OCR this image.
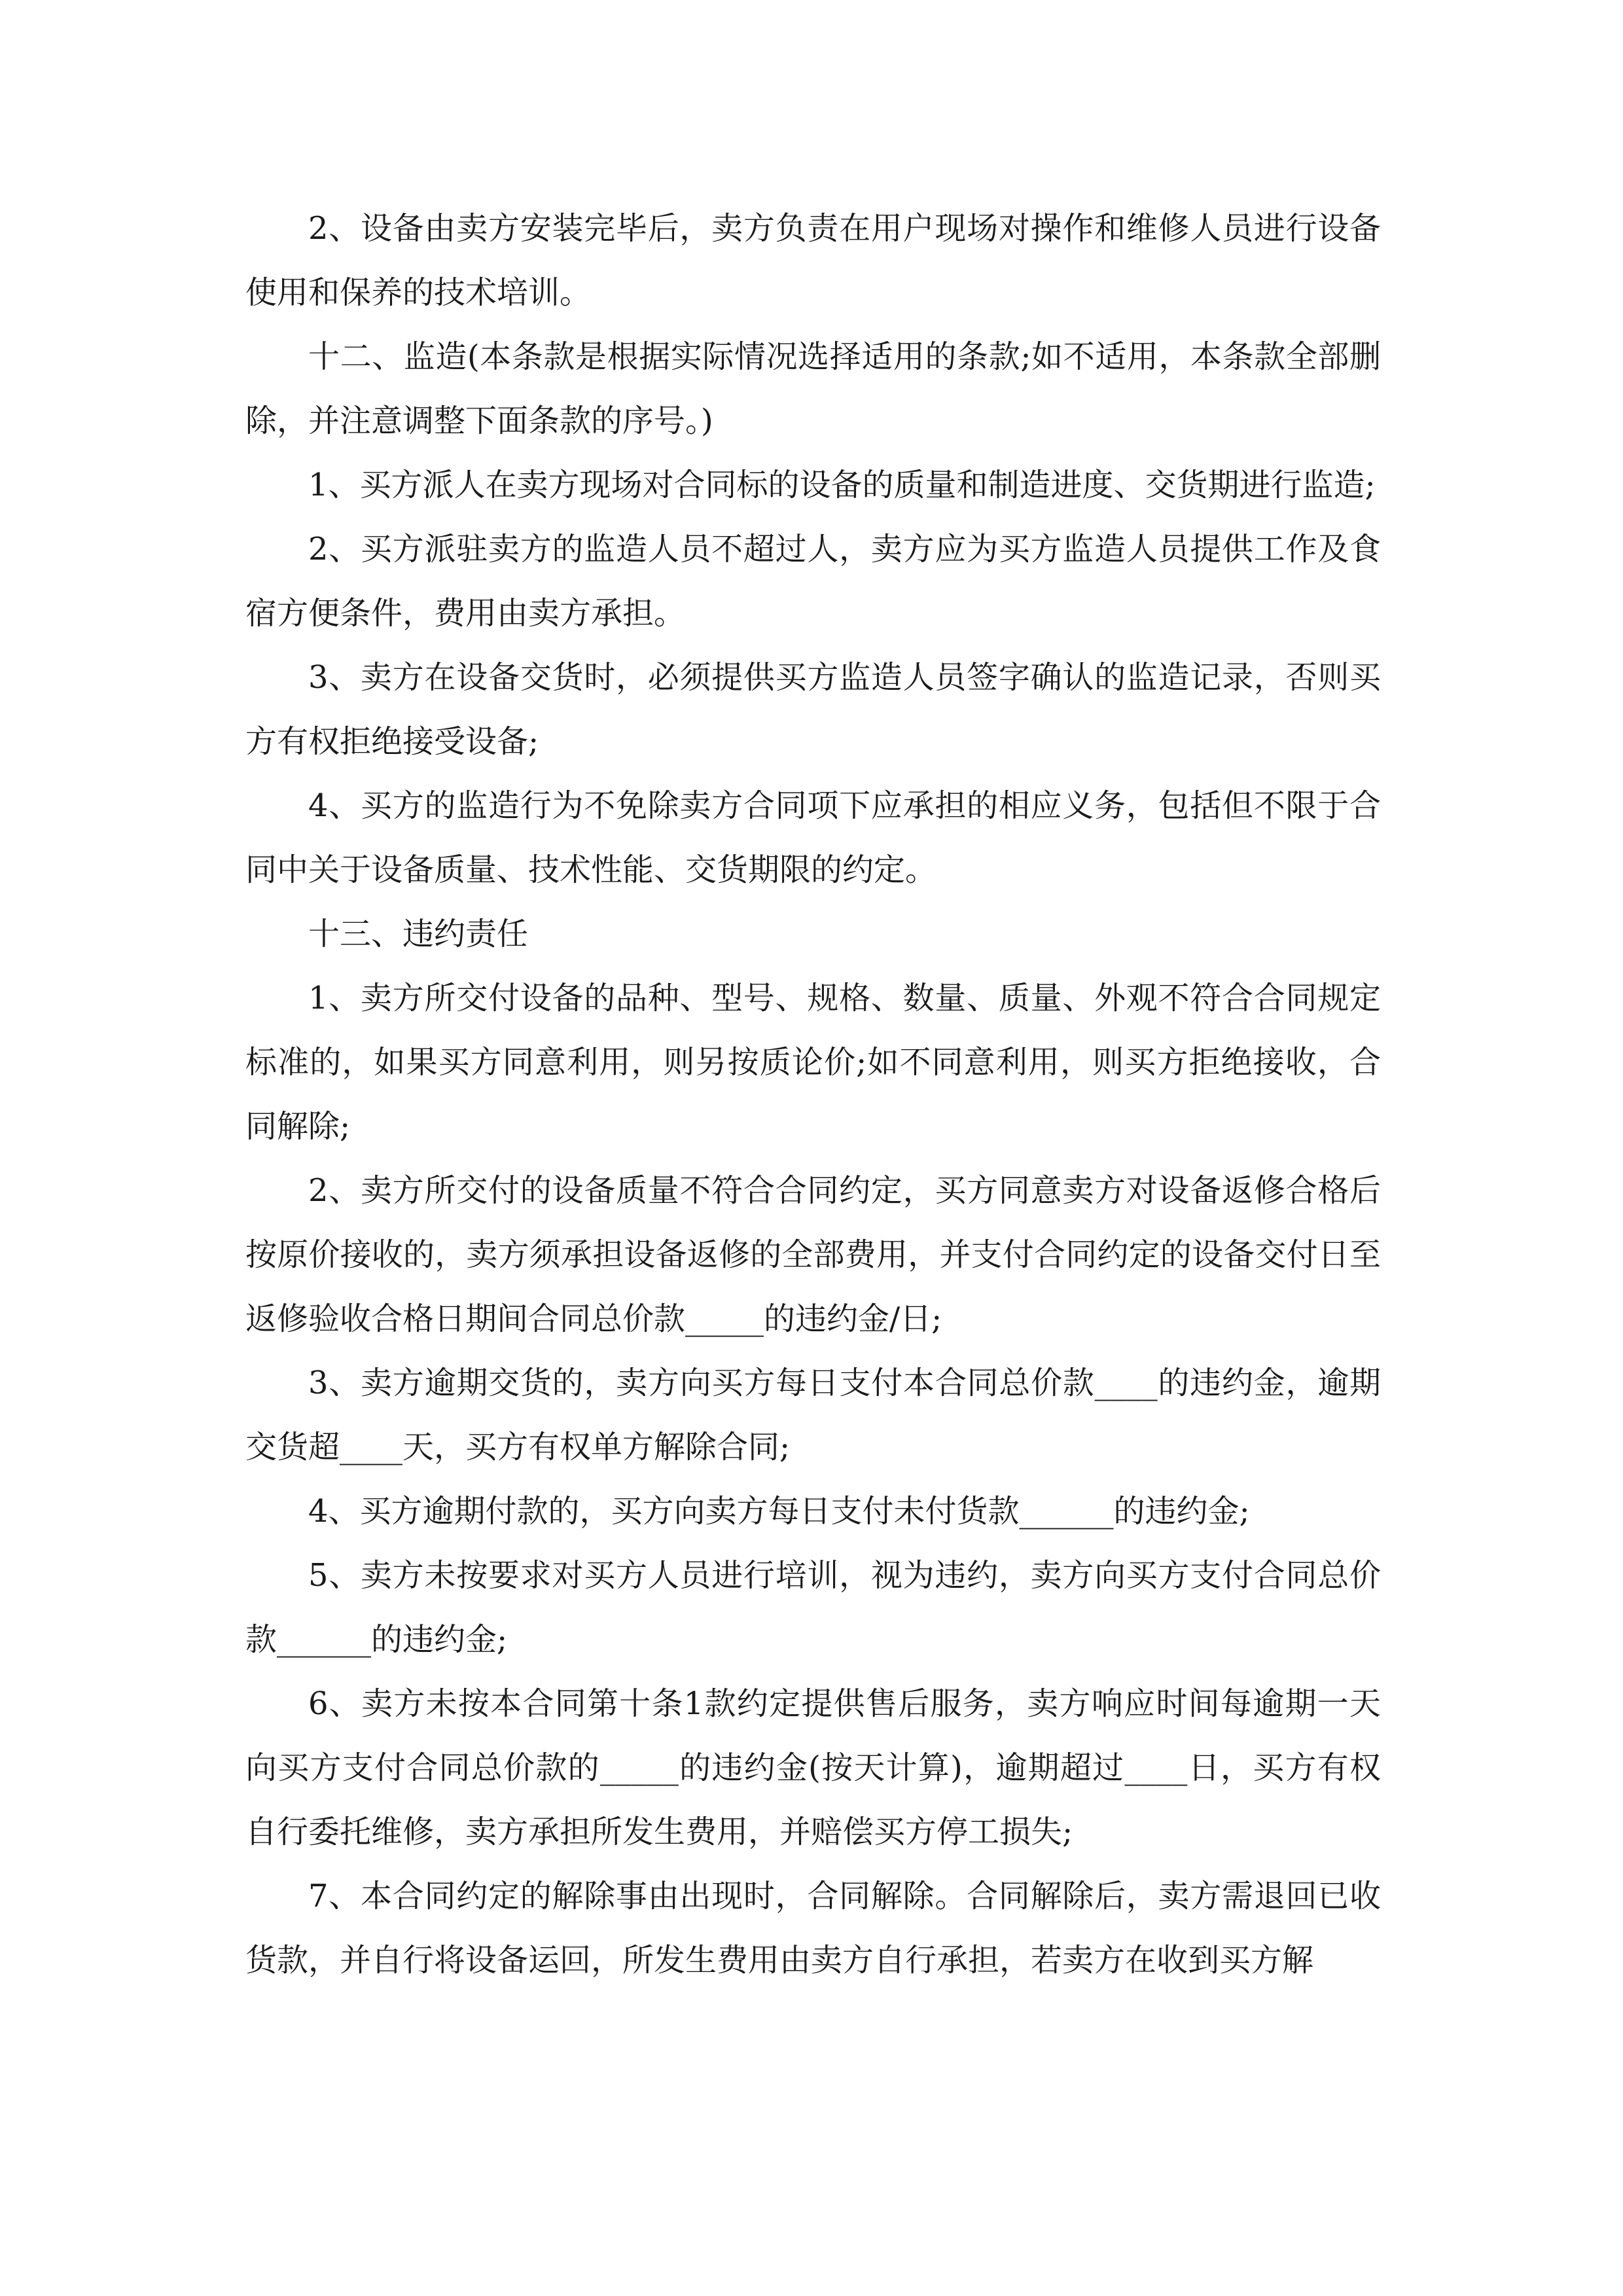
2、设备由卖方安装完毕后，卖方负责在用户现场对操作和维修人员进行设备使用和保养的技术培训。

十二、监造(本条款是根据实际情况选择适用的条款;如不适用，本条款全部删除，并注意调整下面条款的序号。)

1、买方派人在卖方现场对合同标的设备的质量和制造进度、交货期进行监造;

2、买方派驻卖方的监造人员不超过人，卖方应为买方监造人员提供工作及食宿方便条件，费用由卖方承担。

3、卖方在设备交货时，必须提供买方监造人员签字确认的监造记录，否则买方有权拒绝接受设备;

4、买方的监造行为不免除卖方合同项下应承担的相应义务，包括但不限于合同中关于设备质量、技术性能、交货期限的约定。

十三、违约责任

1、卖方所交付设备的品种、型号、规格、数量、质量、外观不符合合同规定标准的，如果买方同意利用，则另按质论价;如不同意利用，则买方拒绝接收，合同解除;

2、卖方所交付的设备质量不符合合同约定，买方同意卖方对设备返修合格后按原价接收的，卖方须承担设备返修的全部费用，并支付合同约定的设备交付日至返修验收合格日期间合同总价款_____的违约金/日;

3、卖方逾期交货的，卖方向买方每日支付本合同总价款____的违约金，逾期交货超____天，买方有权单方解除合同;

4、买方逾期付款的，买方向卖方每日支付未付货款______的违约金;

5、卖方未按要求对买方人员进行培训，视为违约，卖方向买方支付合同总价款______的违约金;

6、卖方未按本合同第十条1款约定提供售后服务，卖方响应时间每逾期一天向买方支付合同总价款的_____的违约金(按天计算)，逾期超过____日，买方有权自行委托维修，卖方承担所发生费用，并赔偿买方停工损失;

7、本合同约定的解除事由出现时，合同解除。合同解除后，卖方需退回已收货款，并自行将设备运回，所发生费用由卖方自行承担，若卖方在收到买方解
